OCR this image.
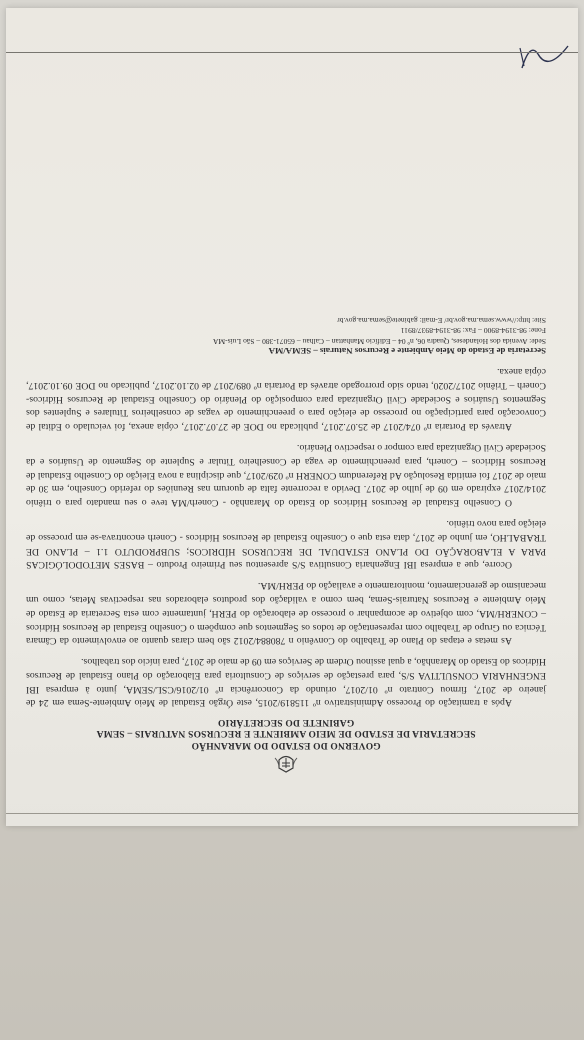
GOVERNO DO ESTADO DO MARANHÃO
SECRETARIA DE ESTADO DE MEIO AMBIENTE E RECURSOS NATURAIS – SEMA
GABINETE DO SECRETÁRIO

Após a tramitação do Processo Administrativo nº 115819/2015, este Órgão Estadual de Meio Ambiente-Sema em 24 de janeiro de 2017, firmou Contrato nº 01/2017, oriundo da Concorrência nº 01/2016/CSL/SEMA, junto à empresa IBI ENGENHARIA CONSULTIVA S/S, para prestação de serviços de Consultoria para Elaboração do Plano Estadual de Recursos Hídricos do Estado do Maranhão, a qual assinou Ordem de Serviços em 09 de maio de 2017, para início dos trabalhos.

As metas e etapas do Plano de Trabalho do Convênio n 780884/2012 são bem claras quanto ao envolvimento da Câmara Técnica ou Grupo de Trabalho com representação de todos os Segmentos que compõem o Conselho Estadual de Recursos Hídricos – CONERH/MA, com objetivo de acompanhar o processo de elaboração do PERH, juntamente com esta Secretaria de Estado de Meio Ambiente e Recursos Naturais-Sema, bem como a validação dos produtos elaborados nas respectivas Metas, como um mecanismo de gerenciamento, monitoramento e avaliação do PERH/MA.

Ocorre, que a empresa IBI Engenharia Consultiva S/S apresentou seu Primeiro Produto – BASES METODOLÓGICAS PARA A ELABORAÇÃO DO PLANO ESTADUAL DE RECURSOS HÍDRICOS; SUBPRODUTO 1.1 – PLANO DE TRABALHO, em junho de 2017, data esta que o Conselho Estadual de Recursos Hídricos - Conerh encontrava-se em processo de eleição para novo triênio.

O Conselho Estadual de Recursos Hídricos do Estado do Maranhão - Conerh/MA teve o seu mandato para o triênio 2014/2017 expirado em 09 de julho de 2017. Devido a recorrente falta de quorum nas Reuniões do referido Conselho, em 30 de maio de 2017 foi emitida Resolução Ad Referendum CONERH nº 029/2017, que disciplina a nova Eleição do Conselho Estadual de Recursos Hídricos – Conerh, para preenchimento de vaga de Conselheiro Titular e Suplente do Segmento de Usuários e da Sociedade Civil Organizada para compor o respectivo Plenário.

Através da Portaria nº 074/2017 de 25.07.2017, publicada no DOE de 27.07.2017, cópia anexa, foi veiculado o Edital de Convocação para participação no processo de eleição para o preenchimento de vagas de conselheiros Titulares e Suplentes dos Segmentos Usuários e Sociedade Civil Organizada para composição do Plenário do Conselho Estadual de Recursos Hídricos-Conerh – Triênio 2017/2020, tendo sido prorrogado através da Portaria nº 089/2017 de 02.10.2017, publicado no DOE 09.10.2017, cópia anexa.

Secretaria de Estado do Meio Ambiente e Recursos Naturais – SEMA/MA
Sede: Avenida dos Holandeses, Quadra 06, nº 04 – Edifício Manhattan – Calhau – 65071-380 – São Luís-MA
Fone: 98-3194-8900 – Fax: 98-3194-8937/8911
Site: http://www.sema.ma.gov.br/ E-mail: gabinete@sema.ma.gov.br
